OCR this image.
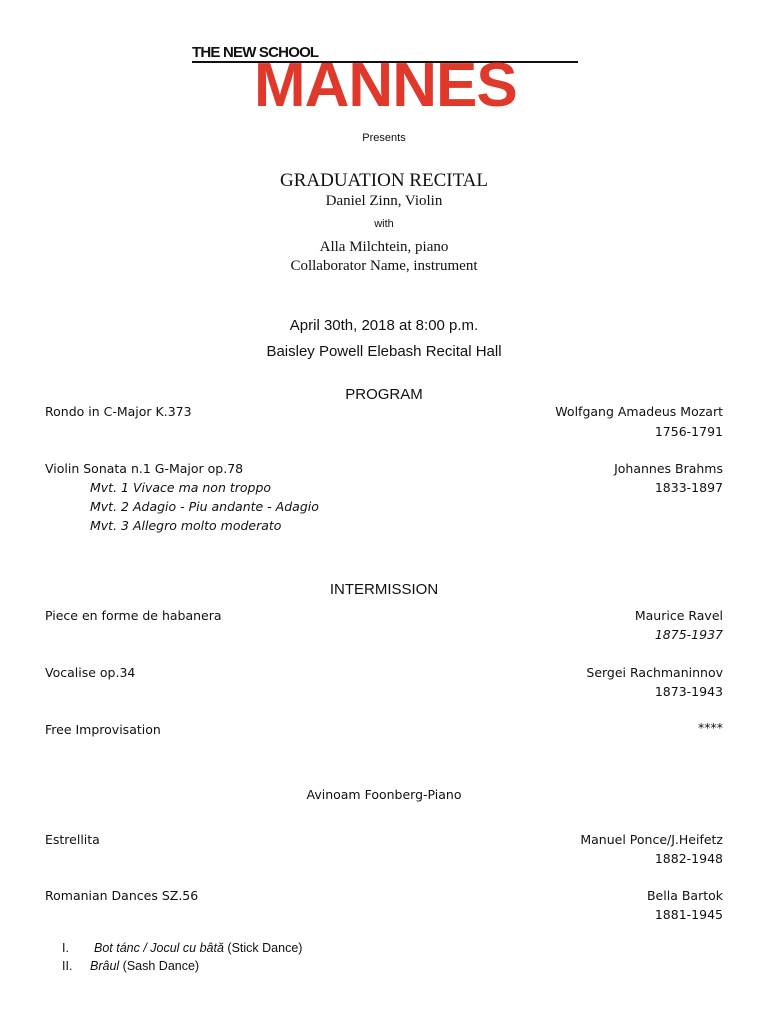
THE NEW SCHOOL
MANNES
Presents
GRADUATION RECITAL
Daniel Zinn, Violin
with
Alla Milchtein, piano
Collaborator Name, instrument
April 30th, 2018 at 8:00 p.m.
Baisley Powell Elebash Recital Hall
PROGRAM
Rondo in C-Major K.373	Wolfgang Amadeus Mozart
1756-1791
Violin Sonata n.1 G-Major op.78	Johannes Brahms
1833-1897
Mvt. 1 Vivace ma non troppo
Mvt. 2 Adagio - Piu andante - Adagio
Mvt. 3 Allegro molto moderato
INTERMISSION
Piece en forme de habanera	Maurice Ravel
1875-1937
Vocalise op.34	Sergei Rachmaninnov
1873-1943
Free Improvisation	****
Avinoam Foonberg-Piano
Estrellita	Manuel Ponce/J.Heifetz
1882-1948
Romanian Dances SZ.56	Bella Bartok
1881-1945
I.	Bot tánc / Jocul cu bâtă (Stick Dance)
II.	Brâul (Sash Dance)
